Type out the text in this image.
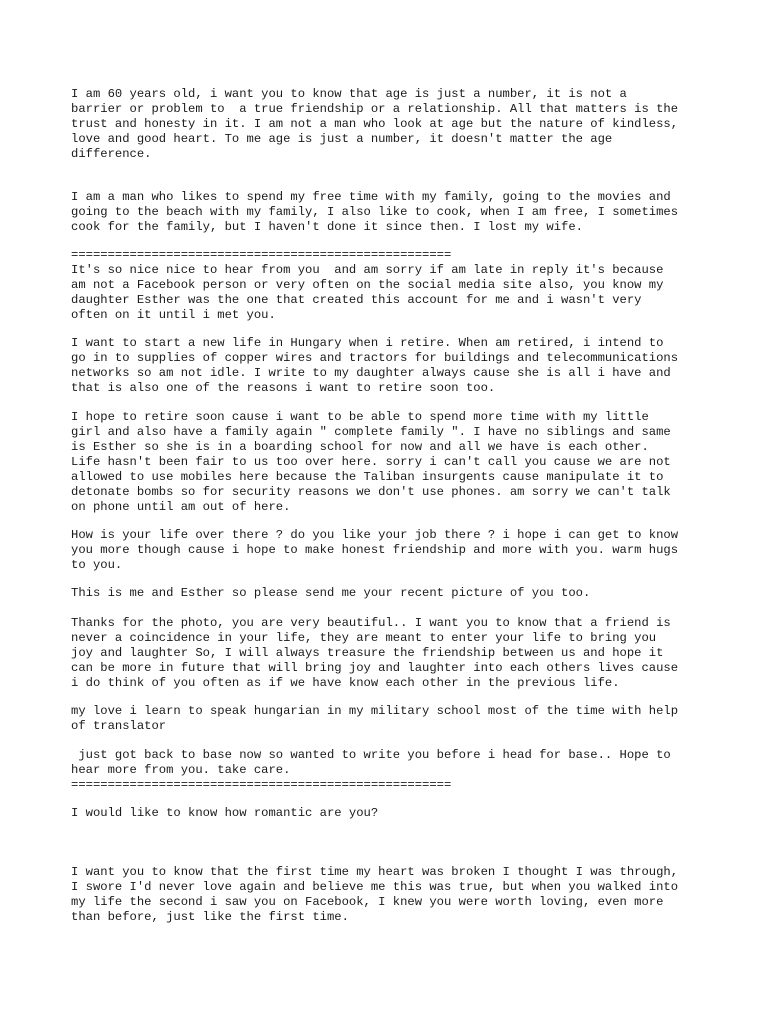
I am 60 years old, i want you to know that age is just a number, it is not a
barrier or problem to  a true friendship or a relationship. All that matters is the
trust and honesty in it. I am not a man who look at age but the nature of kindless,
love and good heart. To me age is just a number, it doesn't matter the age
difference.

I am a man who likes to spend my free time with my family, going to the movies and
going to the beach with my family, I also like to cook, when I am free, I sometimes
cook for the family, but I haven't done it since then. I lost my wife.

====================================================
It's so nice nice to hear from you  and am sorry if am late in reply it's because
am not a Facebook person or very often on the social media site also, you know my
daughter Esther was the one that created this account for me and i wasn't very
often on it until i met you.

I want to start a new life in Hungary when i retire. When am retired, i intend to
go in to supplies of copper wires and tractors for buildings and telecommunications
networks so am not idle. I write to my daughter always cause she is all i have and
that is also one of the reasons i want to retire soon too.

I hope to retire soon cause i want to be able to spend more time with my little
girl and also have a family again " complete family ". I have no siblings and same
is Esther so she is in a boarding school for now and all we have is each other.
Life hasn't been fair to us too over here. sorry i can't call you cause we are not
allowed to use mobiles here because the Taliban insurgents cause manipulate it to
detonate bombs so for security reasons we don't use phones. am sorry we can't talk
on phone until am out of here.

How is your life over there ? do you like your job there ? i hope i can get to know
you more though cause i hope to make honest friendship and more with you. warm hugs
to you.

This is me and Esther so please send me your recent picture of you too.

Thanks for the photo, you are very beautiful.. I want you to know that a friend is
never a coincidence in your life, they are meant to enter your life to bring you
joy and laughter So, I will always treasure the friendship between us and hope it
can be more in future that will bring joy and laughter into each others lives cause
i do think of you often as if we have know each other in the previous life.

my love i learn to speak hungarian in my military school most of the time with help
of translator

just got back to base now so wanted to write you before i head for base.. Hope to
hear more from you. take care.
====================================================

I would like to know how romantic are you?

I want you to know that the first time my heart was broken I thought I was through,
I swore I'd never love again and believe me this was true, but when you walked into
my life the second i saw you on Facebook, I knew you were worth loving, even more
than before, just like the first time.
